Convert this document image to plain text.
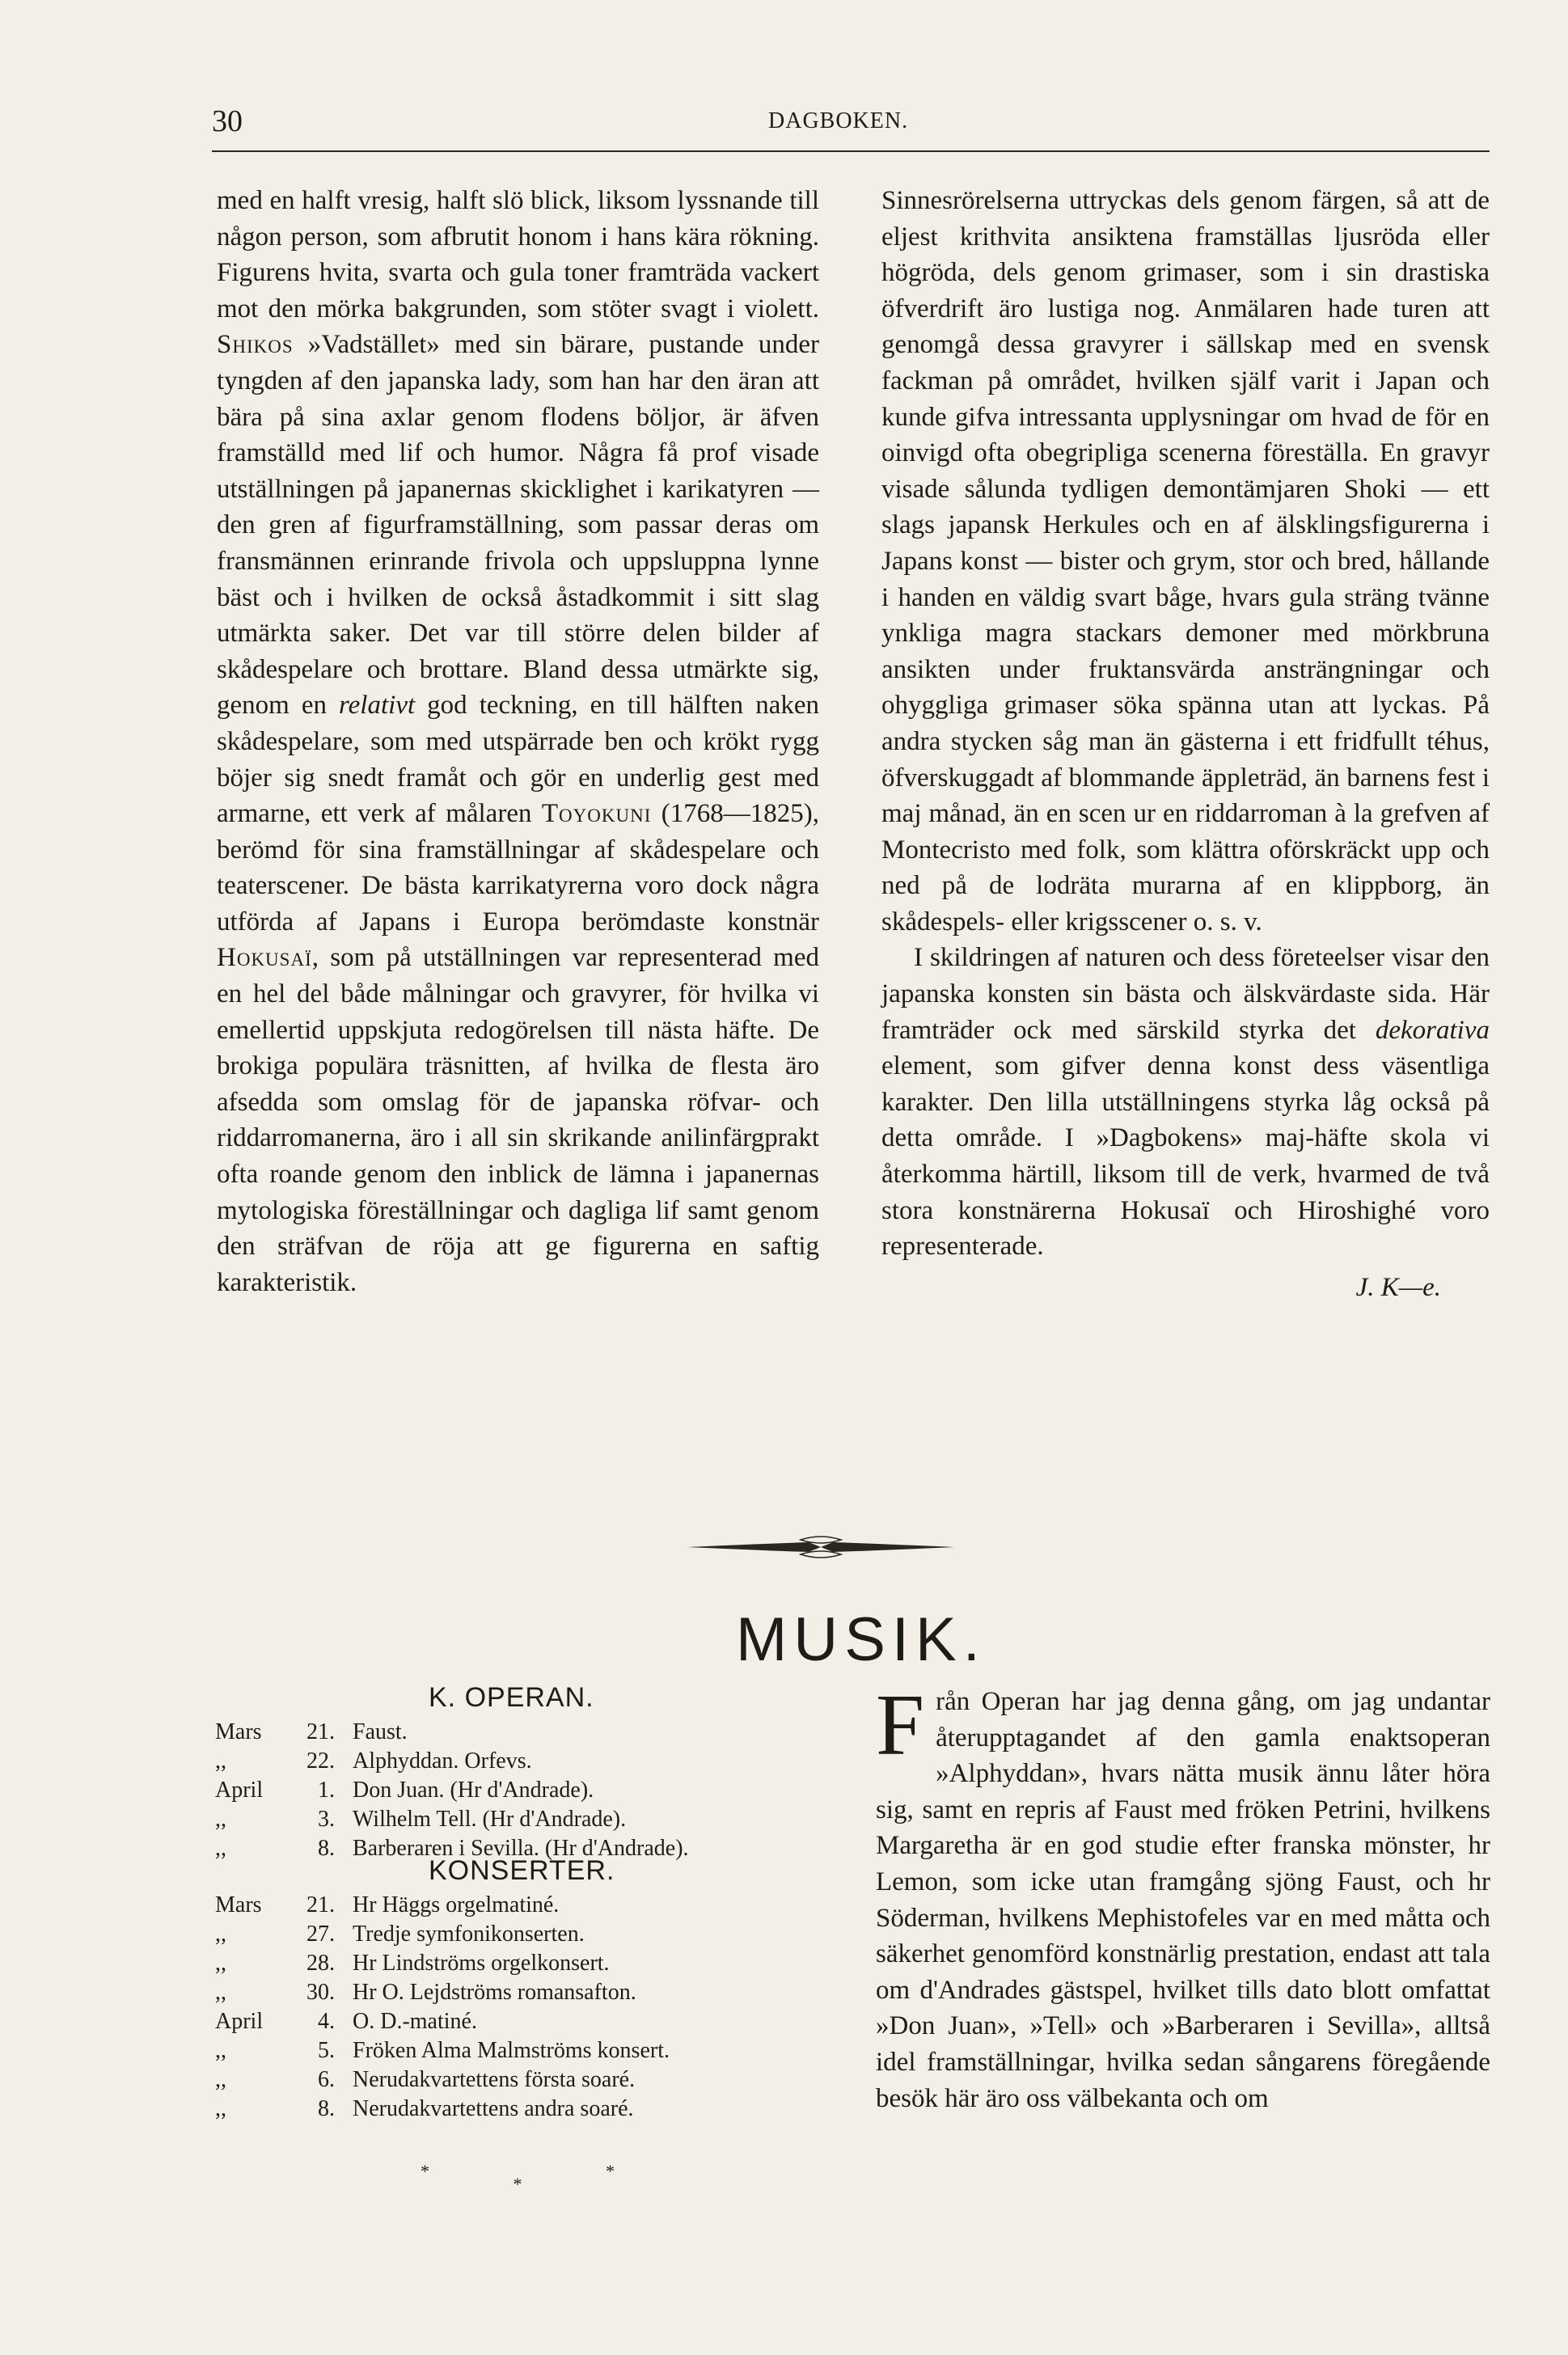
30	DAGBOKEN.

med en halft vresig, halft slö blick, liksom lyssnande till någon person, som afbrutit honom i hans kära rökning. Figurens hvita, svarta och gula toner framträda vackert mot den mörka bakgrunden, som stöter svagt i violett. Shikos »Vadstället» med sin bärare, pustande under tyngden af den japanska lady, som han har den äran att bära på sina axlar genom flodens böljor, är äfven framställd med lif och humor. Några få prof visade utställningen på japanernas skicklighet i karikatyren — den gren af figurframställning, som passar deras om fransmännen erinrande frivola och uppsluppna lynne bäst och i hvilken de också åstadkommit i sitt slag utmärkta saker. Det var till större delen bilder af skådespelare och brottare. Bland dessa utmärkte sig, genom en relativt god teckning, en till hälften naken skådespelare, som med utspärrade ben och krökt rygg böjer sig snedt framåt och gör en underlig gest med armarne, ett verk af målaren Toyokuni (1768—1825), berömd för sina framställningar af skådespelare och teaterscener. De bästa karrikatyrerna voro dock några utförda af Japans i Europa berömdaste konstnär Hokusaï, som på utställningen var representerad med en hel del både målningar och gravyrer, för hvilka vi emellertid uppskjuta redogörelsen till nästa häfte. De brokiga populära träsnitten, af hvilka de flesta äro afsedda som omslag för de japanska röfvar- och riddarromanerna, äro i all sin skrikande anilinfärgprakt ofta roande genom den inblick de lämna i japanernas mytologiska föreställningar och dagliga lif samt genom den sträfvan de röja att ge figurerna en saftig karakteristik.

Sinnesrörelserna uttryckas dels genom färgen, så att de eljest krithvita ansiktena framställas ljusröda eller högröda, dels genom grimaser, som i sin drastiska öfverdrift äro lustiga nog. Anmälaren hade turen att genomgå dessa gravyrer i sällskap med en svensk fackman på området, hvilken själf varit i Japan och kunde gifva intressanta upplysningar om hvad de för en oinvigd ofta obegripliga scenerna föreställa. En gravyr visade sålunda tydligen demontämjaren Shoki — ett slags japansk Herkules och en af älsklingsfigurerna i Japans konst — bister och grym, stor och bred, hållande i handen en väldig svart båge, hvars gula sträng tvänne ynkliga magra stackars demoner med mörkbruna ansikten under fruktansvärda ansträngningar och ohyggliga grimaser söka spänna utan att lyckas. På andra stycken såg man än gästerna i ett fridfullt téhus, öfverskuggadt af blommande äppleträd, än barnens fest i maj månad, än en scen ur en riddarroman à la grefven af Montecristo med folk, som klättra oförskräckt upp och ned på de lodräta murarna af en klippborg, än skådespels- eller krigsscener o. s. v.

I skildringen af naturen och dess företeelser visar den japanska konsten sin bästa och älskvärdaste sida. Här framträder ock med särskild styrka det dekorativa element, som gifver denna konst dess väsentliga karakter. Den lilla utställningens styrka låg också på detta område. I »Dagbokens» maj-häfte skola vi återkomma härtill, liksom till de verk, hvarmed de två stora konstnärerna Hokusaï och Hiroshighé voro representerade.

J. K—e.

MUSIK.
K. OPERAN.
Mars	21. Faust.
,,	22. Alphyddan. Orfevs.
April	1. Don Juan. (Hr d'Andrade).
,,	3. Wilhelm Tell. (Hr d'Andrade).
,,	8. Barberaren i Sevilla. (Hr d'Andrade).
KONSERTER.
Mars	21. Hr Häggs orgelmatiné.
,,	27. Tredje symfonikonserten.
,,	28. Hr Lindströms orgelkonsert.
,,	30. Hr O. Lejdströms romansafton.
April	4. O. D.-matiné.
,,	5. Fröken Alma Malmströms konsert.
,,	6. Nerudakvartettens första soaré.
,,	8. Nerudakvartettens andra soaré.
*
*
*

Från Operan har jag denna gång, om jag undantar återupptagandet af den gamla enaktsoperan »Alphyddan», hvars nätta musik ännu låter höra sig, samt en repris af Faust med fröken Petrini, hvilkens Margaretha är en god studie efter franska mönster, hr Lemon, som icke utan framgång sjöng Faust, och hr Söderman, hvilkens Mephistofeles var en med måtta och säkerhet genomförd konstnärlig prestation, endast att tala om d'Andrades gästspel, hvilket tills dato blott omfattat »Don Juan», »Tell» och »Barberaren i Sevilla», alltså idel framställningar, hvilka sedan sångarens föregående besök här äro oss välbekanta och om
